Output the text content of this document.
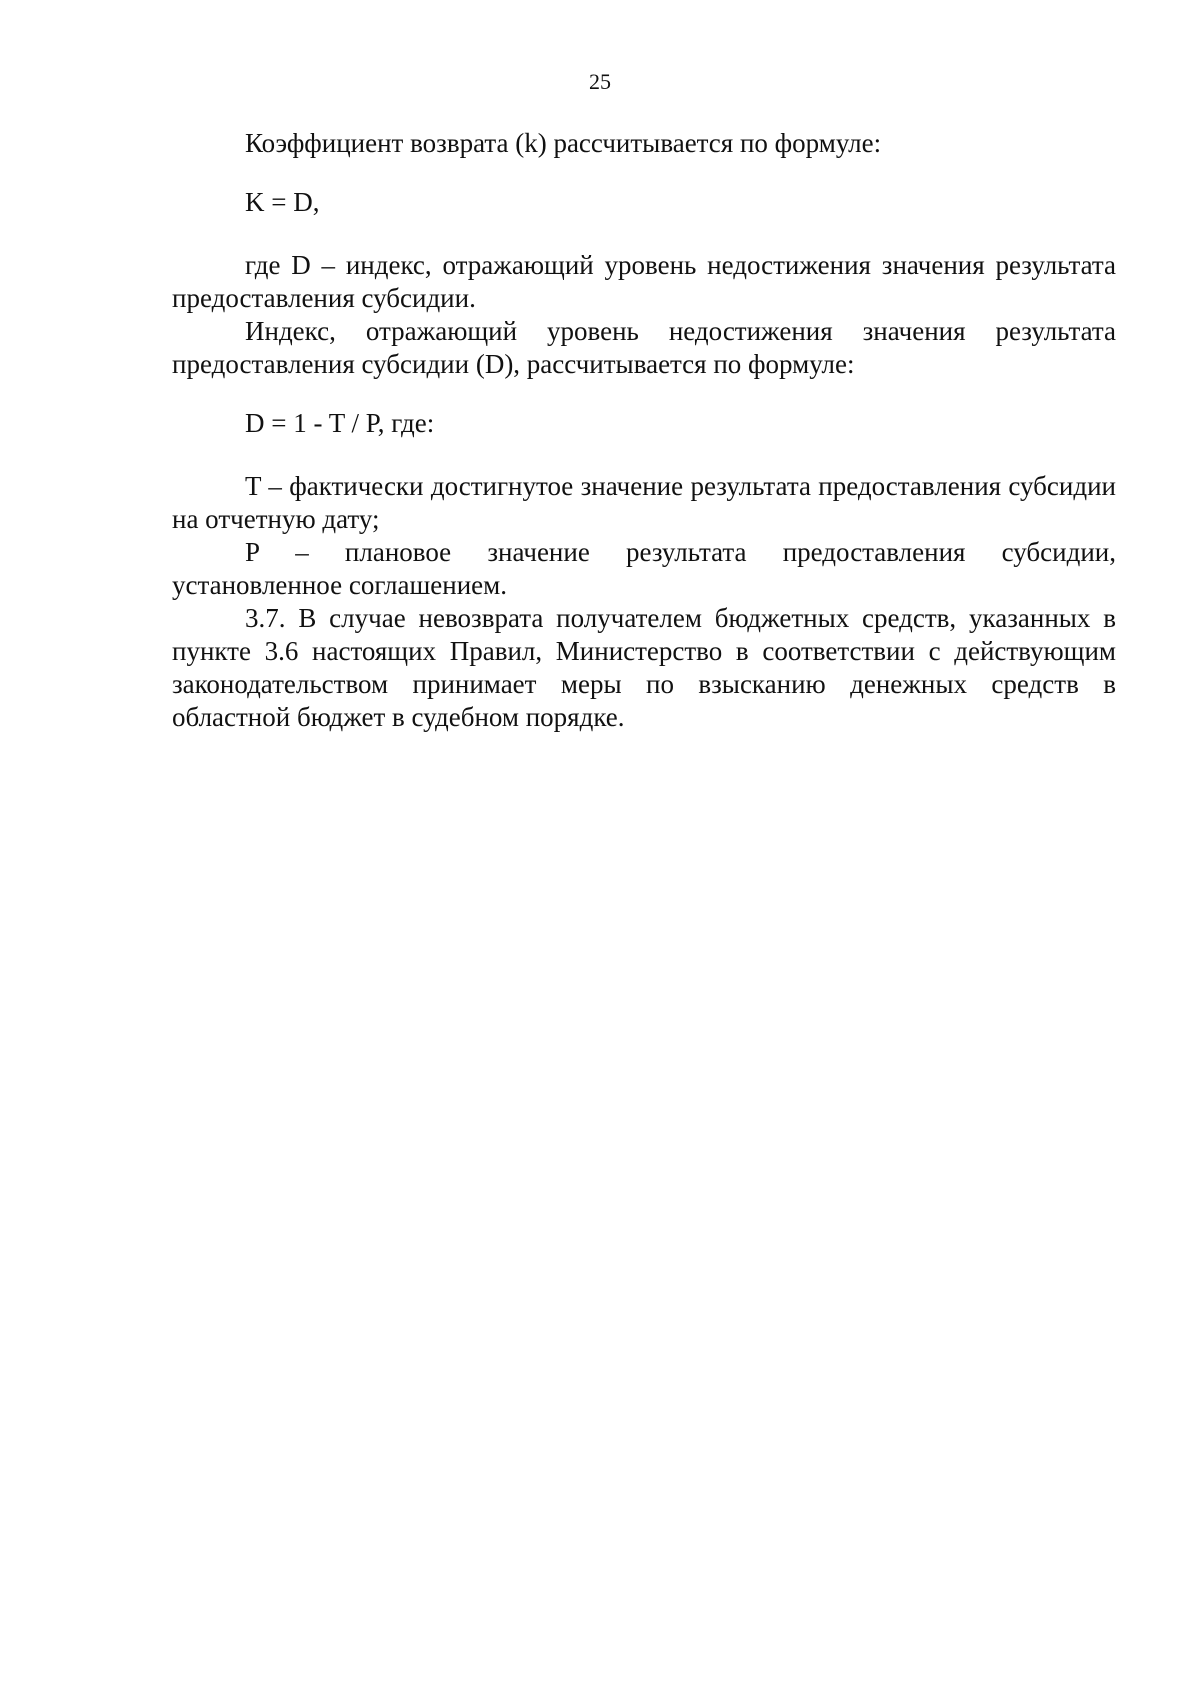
25

Коэффициент возврата (k) рассчитывается по формуле:

K = D,

где D – индекс, отражающий уровень недостижения значения результата предоставления субсидии.

Индекс, отражающий уровень недостижения значения результата предоставления субсидии (D), рассчитывается по формуле:

D = 1 - T / P, где:

T – фактически достигнутое значение результата предоставления субсидии на отчетную дату;

P – плановое значение результата предоставления субсидии, установленное соглашением.

3.7. В случае невозврата получателем бюджетных средств, указанных в пункте 3.6 настоящих Правил, Министерство в соответствии с действующим законодательством принимает меры по взысканию денежных средств в областной бюджет в судебном порядке.
